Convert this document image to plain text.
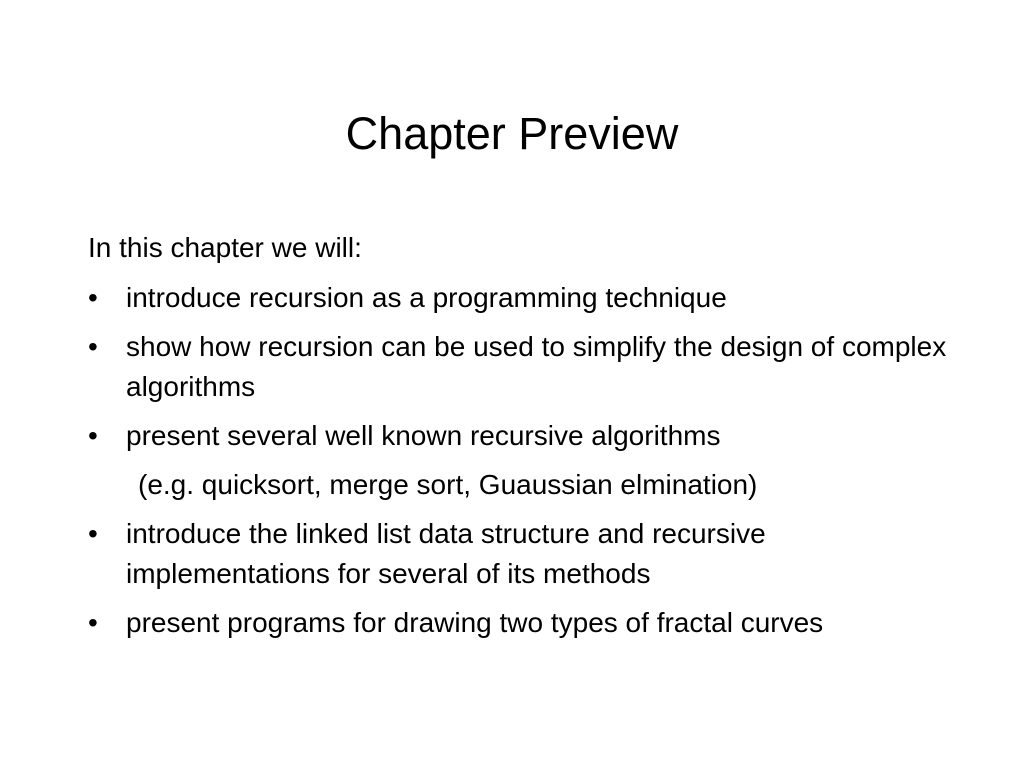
Chapter Preview
In this chapter we will:
• introduce recursion as a programming technique
• show how recursion can be used to simplify the design of complex algorithms
• present several well known recursive algorithms
(e.g. quicksort, merge sort, Guaussian elmination)
• introduce the linked list data structure and recursive implementations for several of its methods
• present programs for drawing two types of fractal curves
